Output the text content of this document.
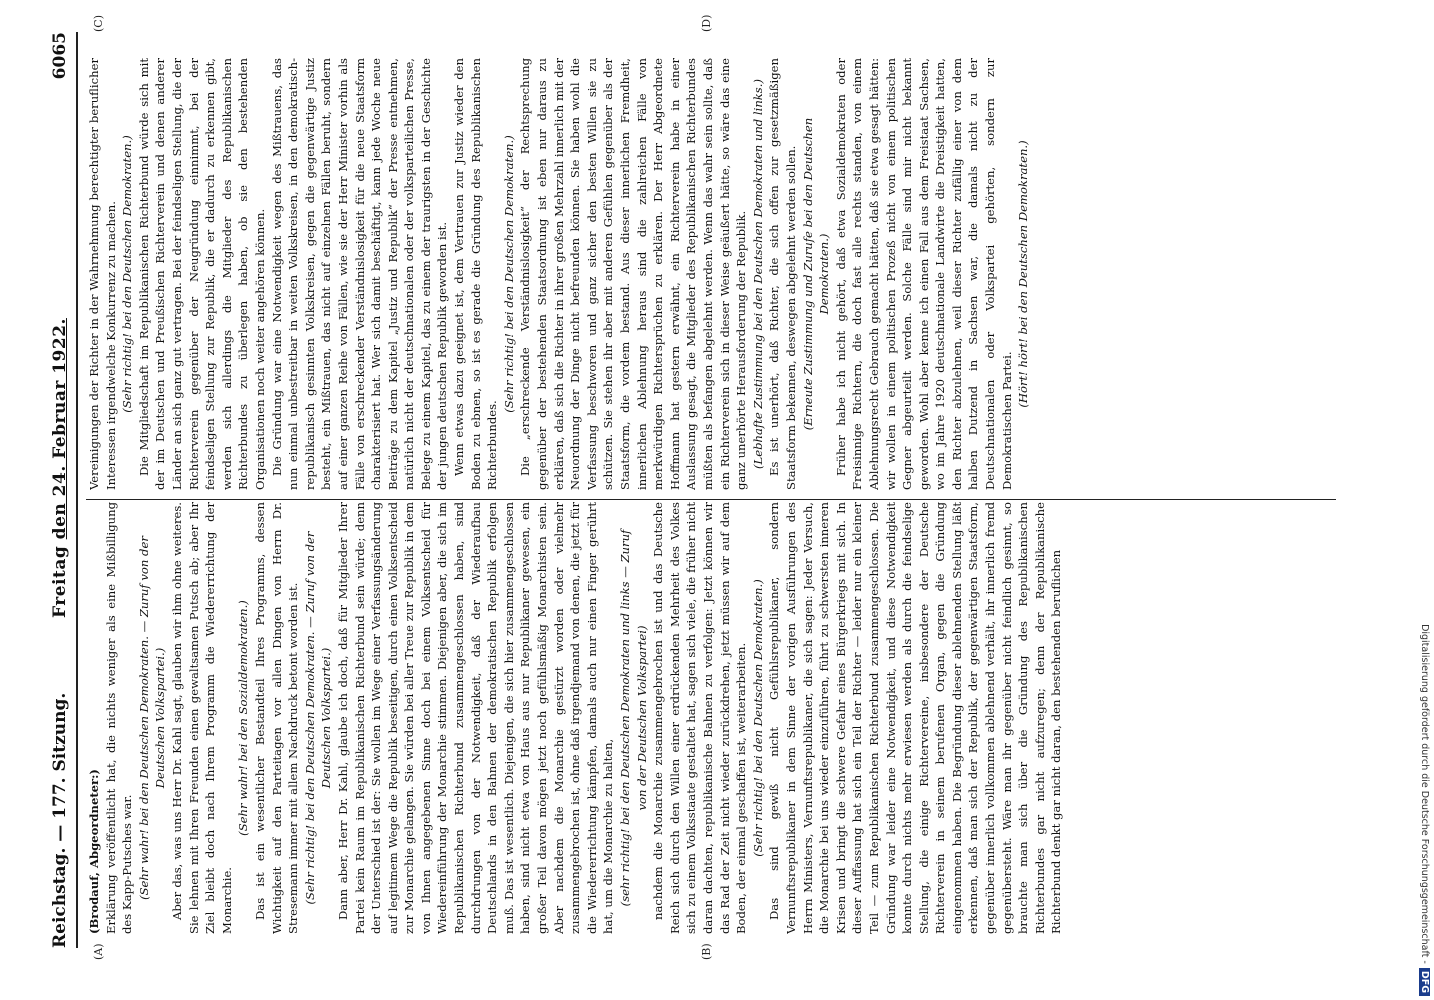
Reichstag. — 177. Sitzung.
Freitag den 24. Februar 1922.
6065
(A)	(B)
(C)	(D)

(Brodauf, Abgeordneter:) Erklärung veröffentlicht hat, die nichts weniger als eine Mißbilligung des Kapp-Putsches war. (Sehr wahr! bei den Deutschen Demokraten. — Zuruf von der Deutschen Volkspartei.) Aber das, was uns Herr Dr. Kahl sagt, glauben wir ihm ohne weiteres. Sie lehnen mit Ihren Freunden einen gewaltsamen Putsch ab; aber Ihr Ziel bleibt doch nach Ihrem Programm die Wiedererrichtung der Monarchie.

(Sehr wahr! bei den Sozialdemokraten.) Das ist ein wesentlicher Bestandteil Ihres Programms, dessen Wichtigkeit auf den Parteitagen vor allen Dingen von Herrn Dr. Stresemann immer mit allem Nachdruck betont worden ist. (Sehr richtig! bei den Deutschen Demokraten. — Zuruf von der Deutschen Volkspartei.) Dann aber, Herr Dr. Kahl, glaube ich doch, daß für Mitglieder Ihrer Partei kein Raum im Republikanischen Richterbund sein würde; denn der Unterschied ist der: Sie wollen im Wege einer Verfassungsänderung auf legitimem Wege die Republik beseitigen, durch einen Volksentscheid zur Monarchie gelangen. Sie würden bei aller Treue zur Republik in dem von Ihnen angegebenen Sinne doch bei einem Volksentscheid für Wiedereinführung der Monarchie stimmen. Diejenigen aber, die sich im Republikanischen Richterbund zusammengeschlossen haben, sind durchdrungen von der Notwendigkeit, daß der Wiederaufbau Deutschlands in den Bahnen der demokratischen Republik erfolgen muß. Das ist wesentlich. Diejenigen, die sich hier zusammengeschlossen haben, sind nicht etwa von Haus aus nur Republikaner gewesen, ein großer Teil davon mögen jetzt noch gefühlsmäßig Monarchisten sein. Aber nachdem die Monarchie gestürzt worden oder vielmehr zusammengebrochen ist, ohne daß irgendjemand von denen, die jetzt für die Wiedererrichtung kämpfen, damals auch nur einen Finger gerührt hat, um die Monarchie zu halten, (sehr richtig! bei den Deutschen Demokraten und links — Zuruf von der Deutschen Volkspartei) nachdem die Monarchie zusammengebrochen ist und das Deutsche Reich sich durch den Willen einer erdrückenden Mehrheit des Volkes sich zu einem Volksstaate gestaltet hat, sagen sich viele, die früher nicht daran dachten, republikanische Bahnen zu verfolgen: Jetzt können wir das Rad der Zeit nicht wieder zurückdrehen, jetzt müssen wir auf dem Boden, der einmal geschaffen ist, weiterarbeiten. (Sehr richtig! bei den Deutschen Demokraten.) Das sind gewiß nicht Gefühlsrepublikaner, sondern Vernunftsrepublikaner in dem Sinne der vorigen Ausführungen des Herrn Ministers, Vernunftsrepublikaner, die sich sagen: Jeder Versuch, die Monarchie bei uns wieder einzuführen, führt zu schwersten inneren Krisen und bringt die schwere Gefahr eines Bürgerkriegs mit sich. In dieser Auffassung hat sich ein Teil der Richter — leider nur ein kleiner Teil — zum Republikanischen Richterbund zusammengeschlossen. Die Gründung war leider eine Notwendigkeit, und diese Notwendigkeit konnte durch nichts mehr erwiesen werden als durch die feindselige Stellung, die einige Richtervereine, insbesondere der Deutsche Richterverein in seinem berufenen Organ, gegen die Gründung eingenommen haben. Die Begründung dieser ablehnenden Stellung läßt erkennen, daß man sich der Republik, der gegenwärtigen Staatsform, gegenüber innerlich vollkommen ablehnend verhält, ihr innerlich fremd gegenübersteht. Wäre man ihr gegenüber nicht feindlich gesinnt, so brauchte man sich über die Gründung des Republikanischen Richterbundes gar nicht aufzuregen; denn der Republikanische Richterbund denkt gar nicht daran, den bestehenden beruflichen

Vereinigungen der Richter in der Wahrnehmung berechtigter beruflicher Interessen irgendwelche Konkurrenz zu machen. (Sehr richtig! bei den Deutschen Demokraten.) Die Mitgliedschaft im Republikanischen Richterbund würde sich mit der im Deutschen und Preußischen Richterverein und denen anderer Länder an sich ganz gut vertragen. Bei der feindseligen Stellung, die der Richterverein gegenüber der Neugründung einnimmt, bei der feindseligen Stellung zur Republik, die er dadurch zu erkennen gibt, werden sich allerdings die Mitglieder des Republikanischen Richterbundes zu überlegen haben, ob sie den bestehenden Organisationen noch weiter angehören können. Die Gründung war eine Notwendigkeit wegen des Mißtrauens, das nun einmal unbestreitbar in weiten Volkskreisen, in den demokratisch-republikanisch gesinnten Volkskreisen, gegen die gegenwärtige Justiz besteht, ein Mißtrauen, das nicht auf einzelnen Fällen beruht, sondern auf einer ganzen Reihe von Fällen, wie sie der Herr Minister vorhin als Fälle von erschreckender Verständnislosigkeit für die neue Staatsform charakterisiert hat. Wer sich damit beschäftigt, kann jede Woche neue Beiträge zu dem Kapitel „Justiz und Republik“ der Presse entnehmen, natürlich nicht der deutschnationalen oder der volksparteilichen Presse, Belege zu einem Kapitel, das zu einem der traurigsten in der Geschichte der jungen deutschen Republik geworden ist. Wenn etwas dazu geeignet ist, dem Vertrauen zur Justiz wieder den Boden zu ebnen, so ist es gerade die Gründung des Republikanischen Richterbundes.

(Sehr richtig! bei den Deutschen Demokraten.) Die „erschreckende Verständnislosigkeit“ der Rechtsprechung gegenüber der bestehenden Staatsordnung ist eben nur daraus zu erklären, daß sich die Richter in ihrer großen Mehrzahl innerlich mit der Neuordnung der Dinge nicht befreunden können. Sie haben wohl die Verfassung beschworen und ganz sicher den besten Willen sie zu schützen. Sie stehen ihr aber mit anderen Gefühlen gegenüber als der Staatsform, die vordem bestand. Aus dieser innerlichen Fremdheit, innerlichen Ablehnung heraus sind die zahlreichen Fälle von merkwürdigen Richtersprüchen zu erklären. Der Herr Abgeordnete Hoffmann hat gestern erwähnt, ein Richterverein habe in einer Auslassung gesagt, die Mitglieder des Republikanischen Richterbundes müßten als befangen abgelehnt werden. Wenn das wahr sein sollte, daß ein Richterverein sich in dieser Weise geäußert hätte, so wäre das eine ganz unerhörte Herausforderung der Republik. (Lebhafte Zustimmung bei den Deutschen Demokraten und links.) Es ist unerhört, daß Richter, die sich offen zur gesetzmäßigen Staatsform bekennen, deswegen abgelehnt werden sollen. (Erneute Zustimmung und Zurufe bei den Deutschen Demokraten.) Früher habe ich nicht gehört, daß etwa Sozialdemokraten oder Freisinnige Richtern, die doch fast alle rechts standen, von einem Ablehnungsrecht Gebrauch gemacht hätten, daß sie etwa gesagt hätten: wir wollen in einem politischen Prozeß nicht von einem politischen Gegner abgeurteilt werden. Solche Fälle sind mir nicht bekannt geworden. Wohl aber kenne ich einen Fall aus dem Freistaat Sachsen, wo im Jahre 1920 deutschnationale Landwirte die Dreistigkeit hatten, den Richter abzulehnen, weil dieser Richter zufällig einer von dem halben Dutzend in Sachsen war, die damals nicht zu der Deutschnationalen oder Volkspartei gehörten, sondern zur Demokratischen Partei.

(Hört! hört! bei den Deutschen Demokraten.)

Digitalisierung gefördert durch die Deutsche Forschungsgemeinschaft -DFG
